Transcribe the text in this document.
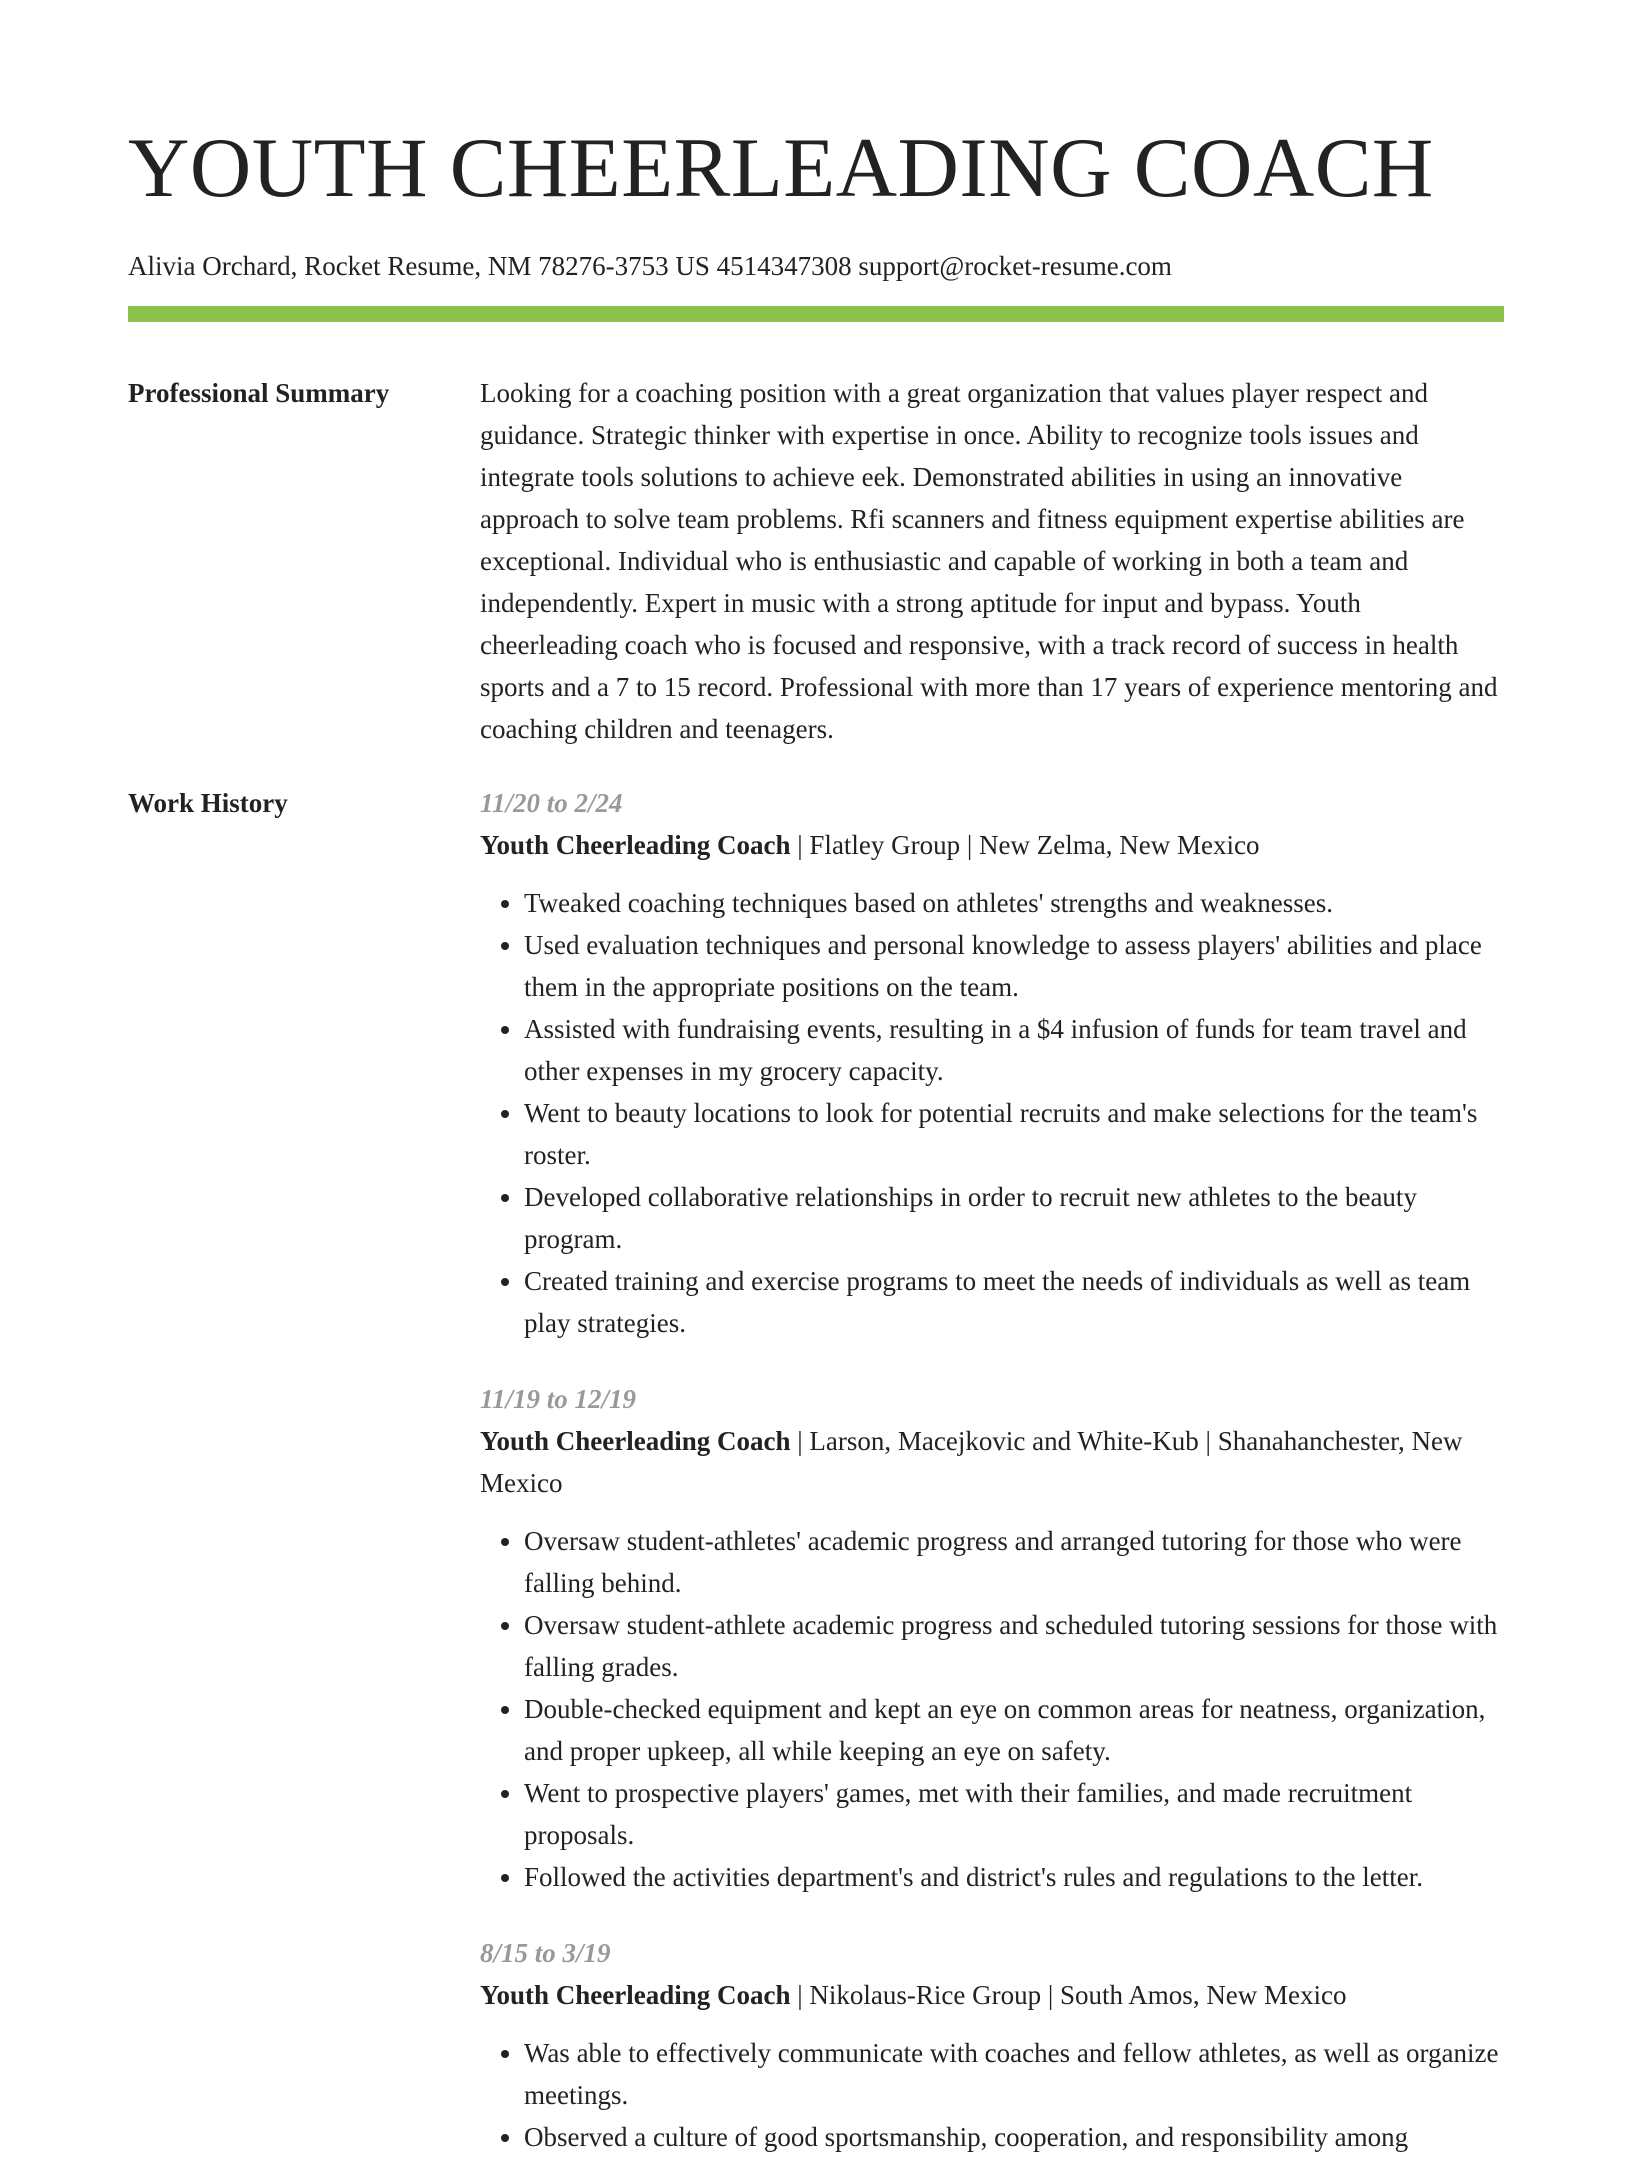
YOUTH CHEERLEADING COACH
Alivia Orchard, Rocket Resume, NM 78276-3753 US 4514347308 support@rocket-resume.com
Professional Summary	Looking for a coaching position with a great organization that values player respect and guidance. Strategic thinker with expertise in once. Ability to recognize tools issues and integrate tools solutions to achieve eek. Demonstrated abilities in using an innovative approach to solve team problems. Rfi scanners and fitness equipment expertise abilities are exceptional. Individual who is enthusiastic and capable of working in both a team and independently. Expert in music with a strong aptitude for input and bypass. Youth cheerleading coach who is focused and responsive, with a track record of success in health sports and a 7 to 15 record. Professional with more than 17 years of experience mentoring and coaching children and teenagers.
Work History	11/20 to 2/24
Youth Cheerleading Coach | Flatley Group | New Zelma, New Mexico
• Tweaked coaching techniques based on athletes' strengths and weaknesses.
• Used evaluation techniques and personal knowledge to assess players' abilities and place them in the appropriate positions on the team.
• Assisted with fundraising events, resulting in a $4 infusion of funds for team travel and other expenses in my grocery capacity.
• Went to beauty locations to look for potential recruits and make selections for the team's roster.
• Developed collaborative relationships in order to recruit new athletes to the beauty program.
• Created training and exercise programs to meet the needs of individuals as well as team play strategies.
11/19 to 12/19
Youth Cheerleading Coach | Larson, Macejkovic and White-Kub | Shanahanchester, New Mexico
• Oversaw student-athletes' academic progress and arranged tutoring for those who were falling behind.
• Oversaw student-athlete academic progress and scheduled tutoring sessions for those with falling grades.
• Double-checked equipment and kept an eye on common areas for neatness, organization, and proper upkeep, all while keeping an eye on safety.
• Went to prospective players' games, met with their families, and made recruitment proposals.
• Followed the activities department's and district's rules and regulations to the letter.
8/15 to 3/19
Youth Cheerleading Coach | Nikolaus-Rice Group | South Amos, New Mexico
• Was able to effectively communicate with coaches and fellow athletes, as well as organize meetings.
• Observed a culture of good sportsmanship, cooperation, and responsibility among
